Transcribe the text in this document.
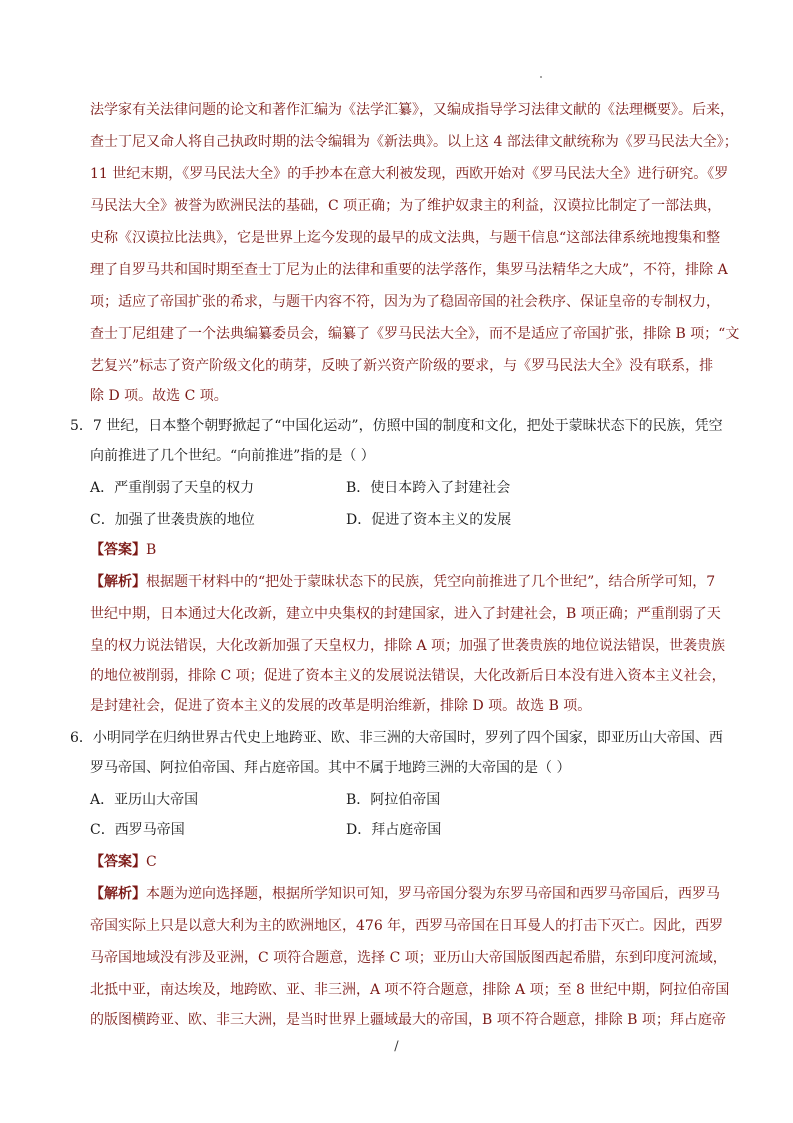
法学家有关法律问题的论文和著作汇编为《法学汇纂》，又编成指导学习法律文献的《法理概要》。后来，
查士丁尼又命人将自己执政时期的法令编辑为《新法典》。以上这 4 部法律文献统称为《罗马民法大全》；
11 世纪末期，《罗马民法大全》的手抄本在意大利被发现，西欧开始对《罗马民法大全》进行研究。《罗
马民法大全》被誉为欧洲民法的基础，C 项正确；为了维护奴隶主的利益，汉谟拉比制定了一部法典，
史称《汉谟拉比法典》，它是世界上迄今发现的最早的成文法典，与题干信息“这部法律系统地搜集和整
理了自罗马共和国时期至查士丁尼为止的法律和重要的法学落作，集罗马法精华之大成”，不符，排除 A
项；适应了帝国扩张的希求，与题干内容不符，因为为了稳固帝国的社会秩序、保证皇帝的专制权力，
查士丁尼组建了一个法典编纂委员会，编纂了《罗马民法大全》，而不是适应了帝国扩张，排除 B 项；“文
艺复兴”标志了资产阶级文化的萌芽，反映了新兴资产阶级的要求，与《罗马民法大全》没有联系，排
除 D 项。故选 C 项。
5．7 世纪，日本整个朝野掀起了“中国化运动”，仿照中国的制度和文化，把处于蒙昧状态下的民族，凭空
向前推进了几个世纪。“向前推进”指的是（ ）
A．严重削弱了天皇的权力	B．使日本跨入了封建社会
C．加强了世袭贵族的地位	D．促进了资本主义的发展
【答案】B
【解析】根据题干材料中的“把处于蒙昧状态下的民族，凭空向前推进了几个世纪”，结合所学可知，7
世纪中期，日本通过大化改新，建立中央集权的封建国家，进入了封建社会，B 项正确；严重削弱了天
皇的权力说法错误，大化改新加强了天皇权力，排除 A 项；加强了世袭贵族的地位说法错误，世袭贵族
的地位被削弱，排除 C 项；促进了资本主义的发展说法错误，大化改新后日本没有进入资本主义社会，
是封建社会，促进了资本主义的发展的改革是明治维新，排除 D 项。故选 B 项。
6．小明同学在归纳世界古代史上地跨亚、欧、非三洲的大帝国时，罗列了四个国家，即亚历山大帝国、西
罗马帝国、阿拉伯帝国、拜占庭帝国。其中不属于地跨三洲的大帝国的是（ ）
A．亚历山大帝国	B．阿拉伯帝国
C．西罗马帝国	D．拜占庭帝国
【答案】C
【解析】本题为逆向选择题，根据所学知识可知，罗马帝国分裂为东罗马帝国和西罗马帝国后，西罗马
帝国实际上只是以意大利为主的欧洲地区，476 年，西罗马帝国在日耳曼人的打击下灭亡。因此，西罗
马帝国地域没有涉及亚洲，C 项符合题意，选择 C 项；亚历山大帝国版图西起希腊，东到印度河流域，
北抵中亚，南达埃及，地跨欧、亚、非三洲，A 项不符合题意，排除 A 项；至 8 世纪中期，阿拉伯帝国
的版图横跨亚、欧、非三大洲，是当时世界上疆域最大的帝国，B 项不符合题意，排除 B 项；拜占庭帝
/
